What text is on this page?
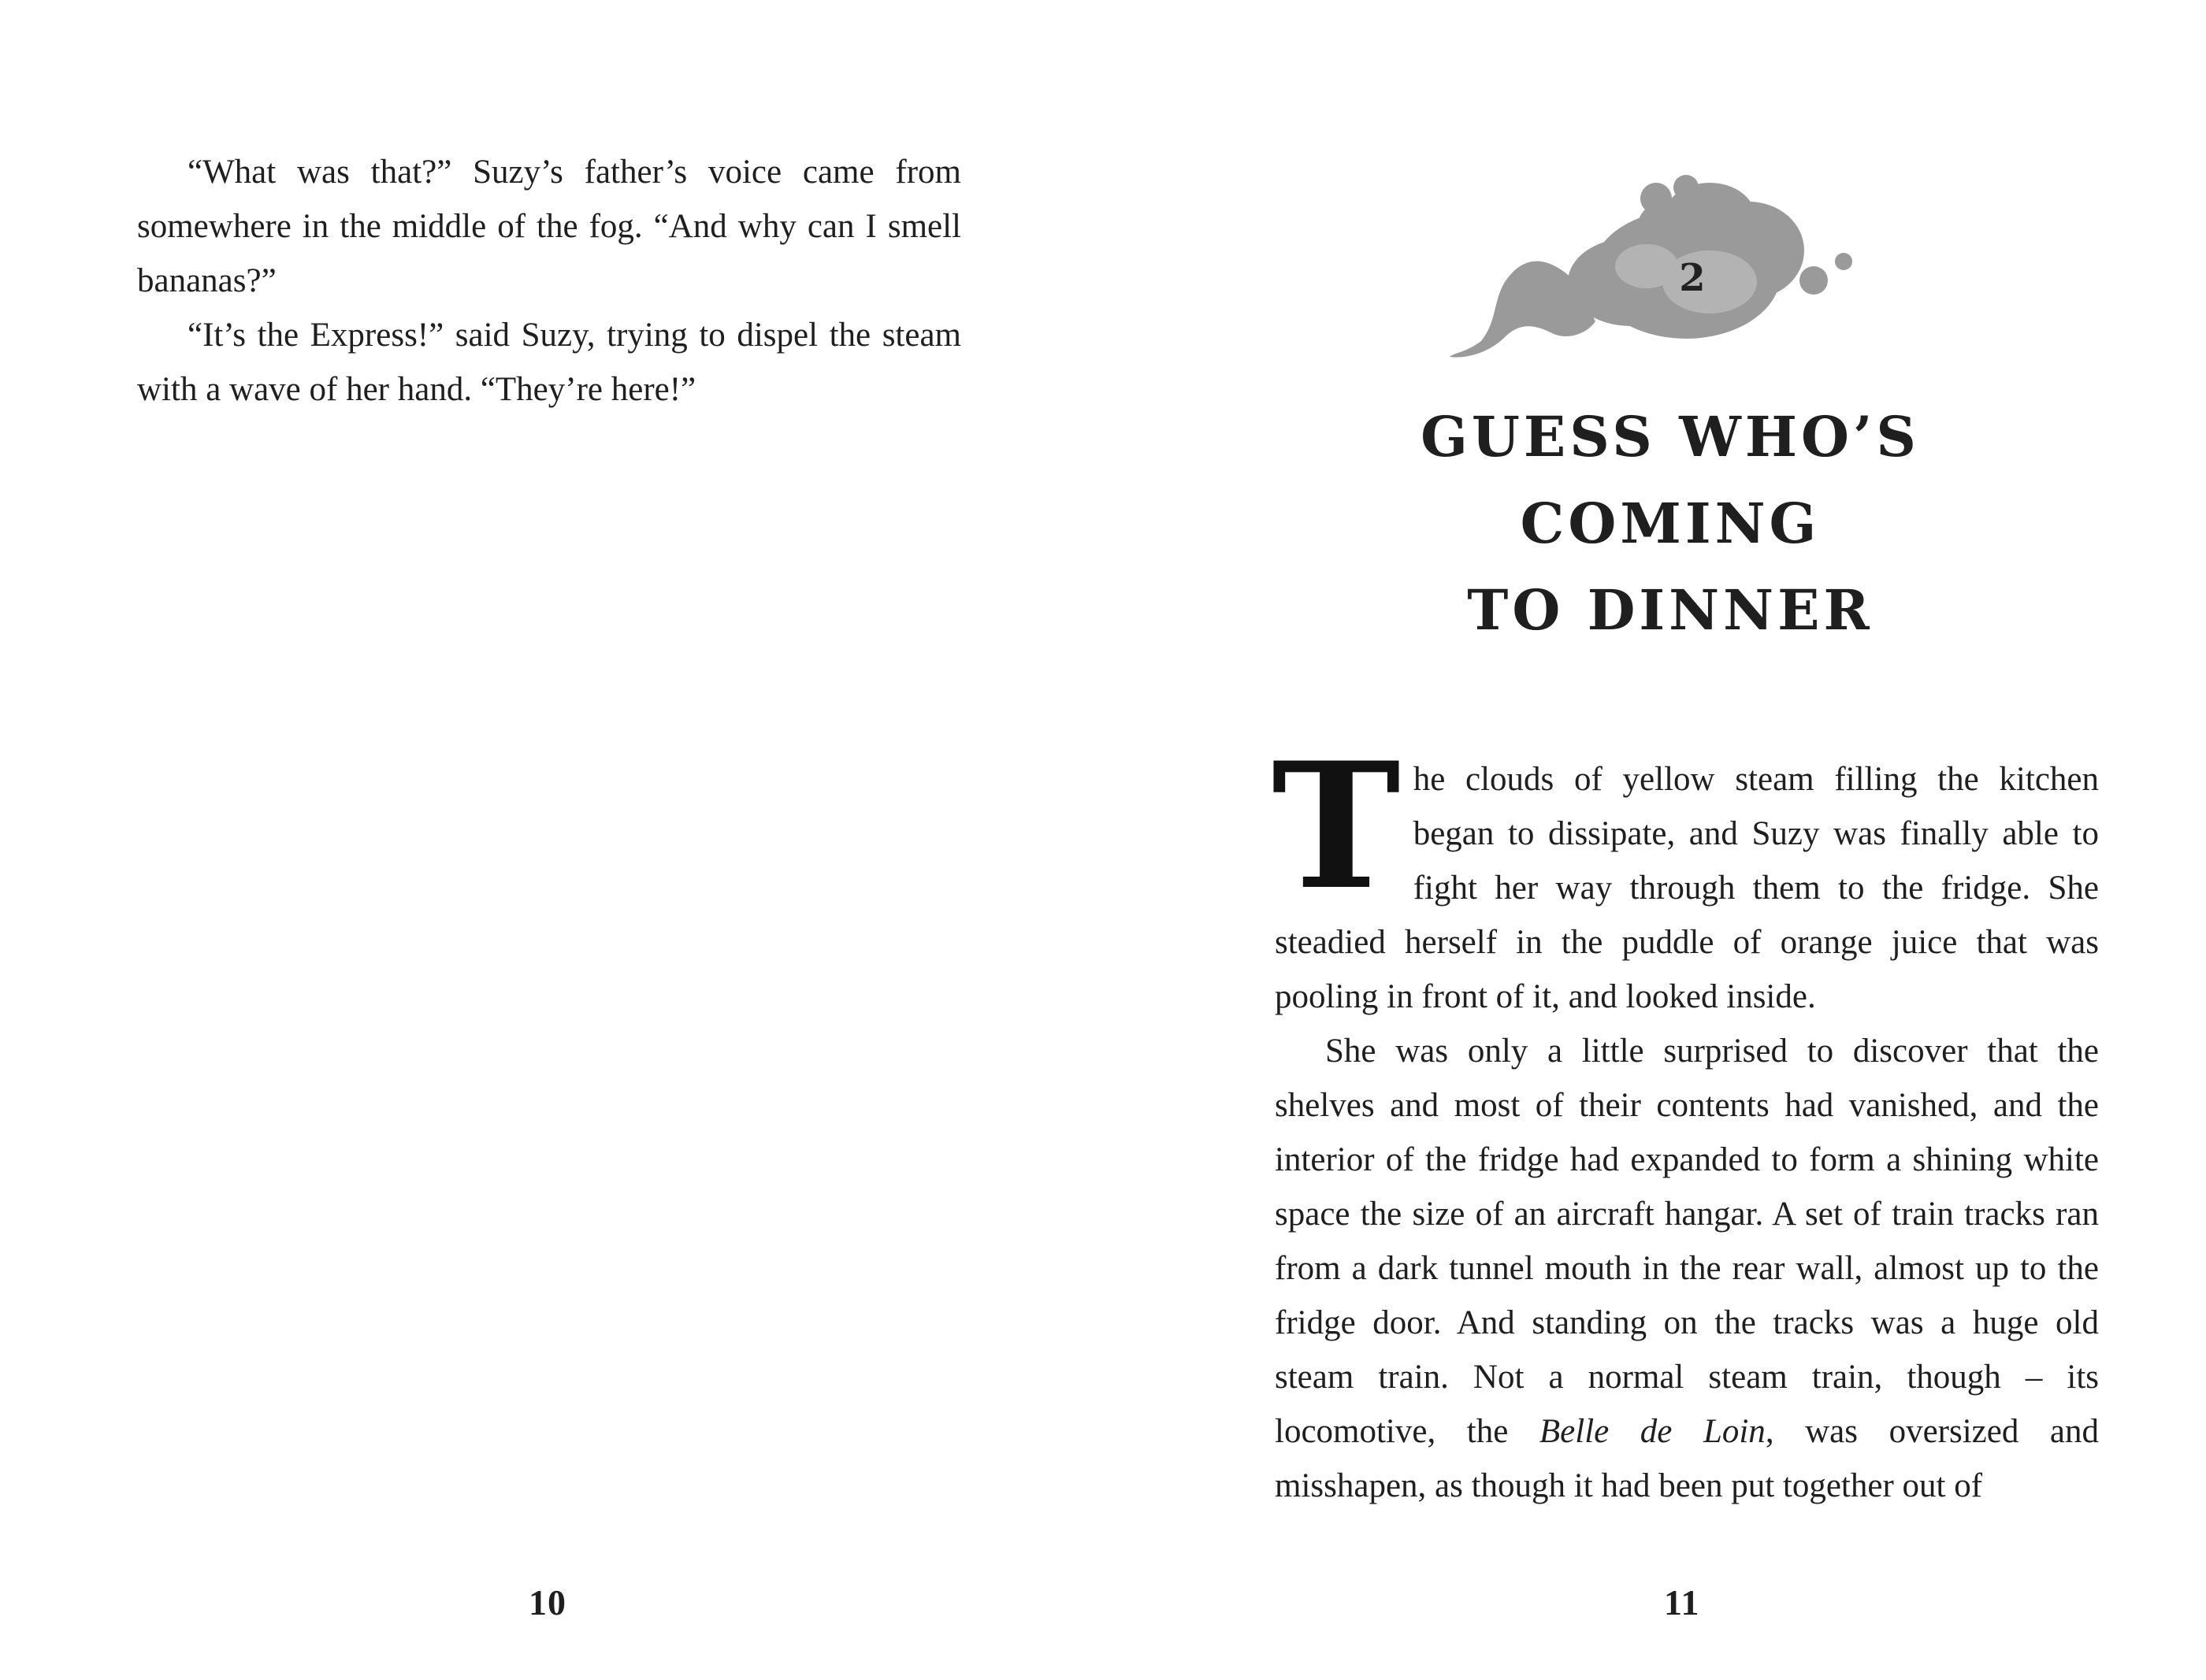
“What was that?” Suzy’s father’s voice came from somewhere in the middle of the fog. “And why can I smell bananas?”

“It’s the Express!” said Suzy, trying to dispel the steam with a wave of her hand. “They’re here!”

10
2
GUESS WHO’S COMING
TO DINNER

The clouds of yellow steam filling the kitchen began to dissipate, and Suzy was finally able to fight her way through them to the fridge. She steadied herself in the puddle of orange juice that was pooling in front of it, and looked inside.

She was only a little surprised to discover that the shelves and most of their contents had vanished, and the interior of the fridge had expanded to form a shining white space the size of an aircraft hangar. A set of train tracks ran from a dark tunnel mouth in the rear wall, almost up to the fridge door. And standing on the tracks was a huge old steam train. Not a normal steam train, though – its locomotive, the Belle de Loin, was oversized and misshapen, as though it had been put together out of

11
